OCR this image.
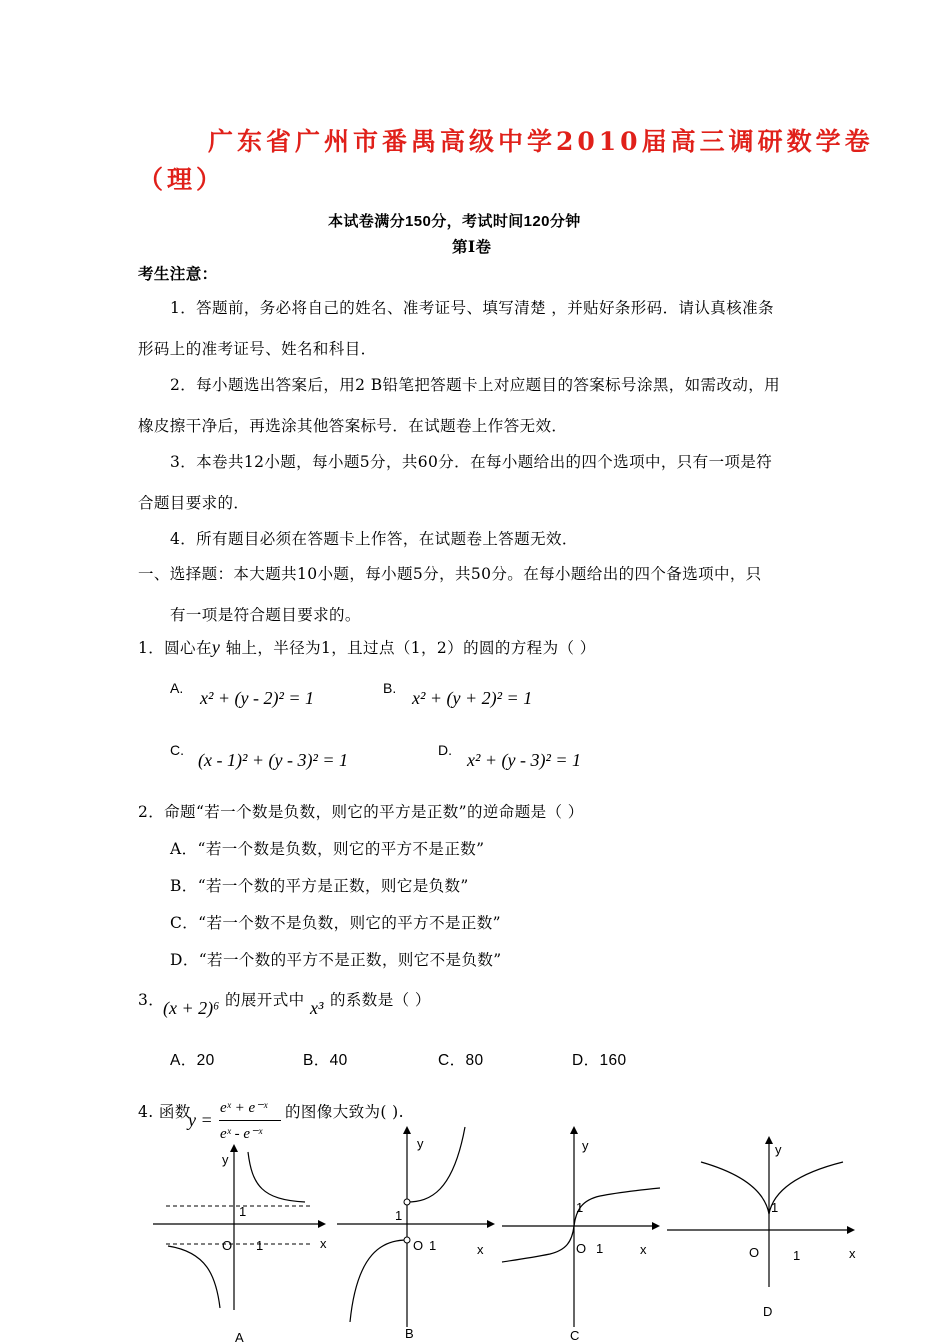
广东省广州市番禺高级中学2010届高三调研数学卷
（理）
本试卷满分150分，考试时间120分钟
第Ⅰ卷
考生注意：
1．答题前，务必将自己的姓名、准考证号、填写清楚 ，并贴好条形码．请认真核准条
形码上的准考证号、姓名和科目．
2．每小题选出答案后，用2 B铅笔把答题卡上对应题目的答案标号涂黑，如需改动，用
橡皮擦干净后，再选涂其他答案标号．在试题卷上作答无效．
3．本卷共12小题，每小题5分，共60分．在每小题给出的四个选项中，只有一项是符
合题目要求的．
4．所有题目必须在答题卡上作答，在试题卷上答题无效．
一、选择题：本大题共10小题，每小题5分，共50分。在每小题给出的四个备选项中，只
有一项是符合题目要求的。
1．圆心在y 轴上，半径为1，且过点（1，2）的圆的方程为（ ）
A. x² + (y - 2)² = 1	B. x² + (y + 2)² = 1
C. (x - 1)² + (y - 3)² = 1	D. x² + (y - 3)² = 1
2．命题“若一个数是负数，则它的平方是正数”的逆命题是（ ）
A．“若一个数是负数，则它的平方不是正数”
B．“若一个数的平方是正数，则它是负数”
C．“若一个数不是负数，则它的平方不是正数”
D．“若一个数的平方不是正数，则它不是负数”
3．
(x + 2)⁶ 的展开式中 x³ 的系数是（ ）
A．20	B．40	C．80	D．160
4. 函数
y =
eˣ + e⁻ˣ
eˣ - e⁻ˣ
的图像大致为( ).
y
x
O
1
1
A
y
x
O
1
1
B
y
x
O
1
1
C
y
x
O
1
1
D
